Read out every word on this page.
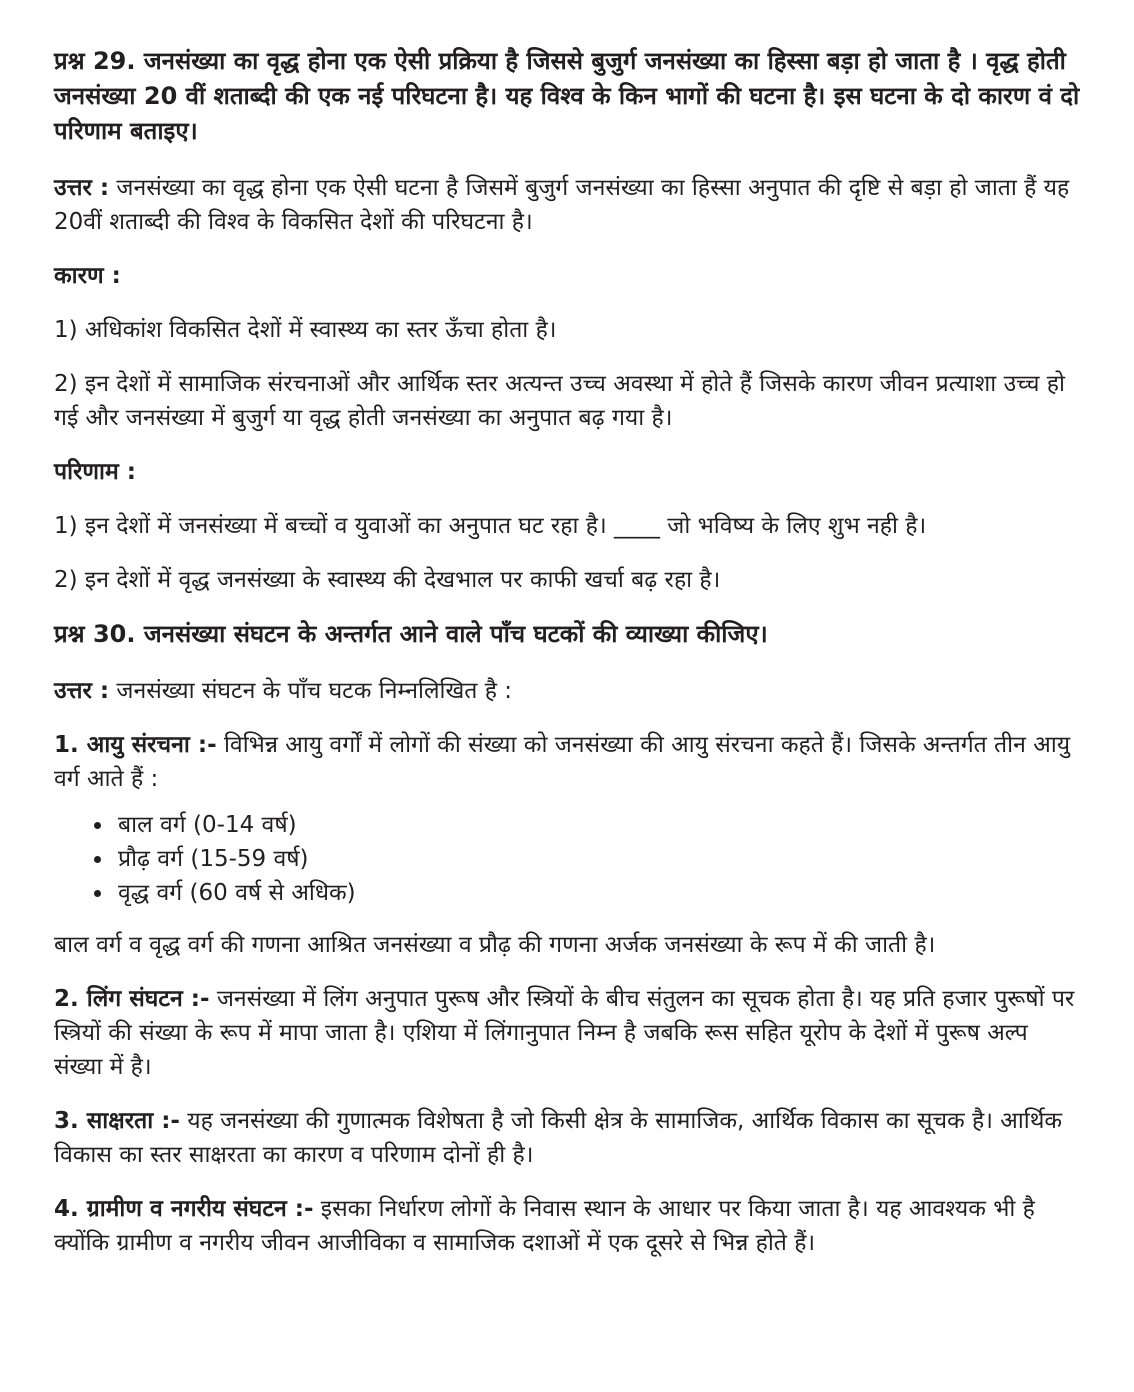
प्रश्न 29. जनसंख्या का वृद्ध होना एक ऐसी प्रक्रिया है जिससे बुजुर्ग जनसंख्या का हिस्सा बड़ा हो जाता है । वृद्ध होती जनसंख्या 20 वीं शताब्दी की एक नई परिघटना है। यह विश्व के किन भागों की घटना है। इस घटना के दो कारण वं दो परिणाम बताइए।

उत्तर : जनसंख्या का वृद्ध होना एक ऐसी घटना है जिसमें बुजुर्ग जनसंख्या का हिस्सा अनुपात की दृष्टि से बड़ा हो जाता हैं यह 20वीं शताब्दी की विश्व के विकसित देशों की परिघटना है।

कारण :

1) अधिकांश विकसित देशों में स्वास्थ्य का स्तर ऊँचा होता है।

2) इन देशों में सामाजिक संरचनाओं और आर्थिक स्तर अत्यन्त उच्च अवस्था में होते हैं जिसके कारण जीवन प्रत्याशा उच्च हो गई और जनसंख्या में बुजुर्ग या वृद्ध होती जनसंख्या का अनुपात बढ़ गया है।

परिणाम :

1) इन देशों में जनसंख्या में बच्चों व युवाओं का अनुपात घट रहा है। ____ जो भविष्य के लिए शुभ नही है।

2) इन देशों में वृद्ध जनसंख्या के स्वास्थ्य की देखभाल पर काफी खर्चा बढ़ रहा है।

प्रश्न 30. जनसंख्या संघटन के अन्तर्गत आने वाले पाँच घटकों की व्याख्या कीजिए।

उत्तर : जनसंख्या संघटन के पाँच घटक निम्नलिखित है :

1. आयु संरचना :- विभिन्न आयु वर्गों में लोगों की संख्या को जनसंख्या की आयु संरचना कहते हैं। जिसके अन्तर्गत तीन आयु वर्ग आते हैं :

• बाल वर्ग (0-14 वर्ष)
• प्रौढ़ वर्ग (15-59 वर्ष)
• वृद्ध वर्ग (60 वर्ष से अधिक)

बाल वर्ग व वृद्ध वर्ग की गणना आश्रित जनसंख्या व प्रौढ़ की गणना अर्जक जनसंख्या के रूप में की जाती है।

2. लिंग संघटन :- जनसंख्या में लिंग अनुपात पुरूष और स्त्रियों के बीच संतुलन का सूचक होता है। यह प्रति हजार पुरूषों पर स्त्रियों की संख्या के रूप में मापा जाता है। एशिया में लिंगानुपात निम्न है जबकि रूस सहित यूरोप के देशों में पुरूष अल्प संख्या में है।

3. साक्षरता :- यह जनसंख्या की गुणात्मक विशेषता है जो किसी क्षेत्र के सामाजिक, आर्थिक विकास का सूचक है। आर्थिक विकास का स्तर साक्षरता का कारण व परिणाम दोनों ही है।

4. ग्रामीण व नगरीय संघटन :- इसका निर्धारण लोगों के निवास स्थान के आधार पर किया जाता है। यह आवश्यक भी है क्योंकि ग्रामीण व नगरीय जीवन आजीविका व सामाजिक दशाओं में एक दूसरे से भिन्न होते हैं।
